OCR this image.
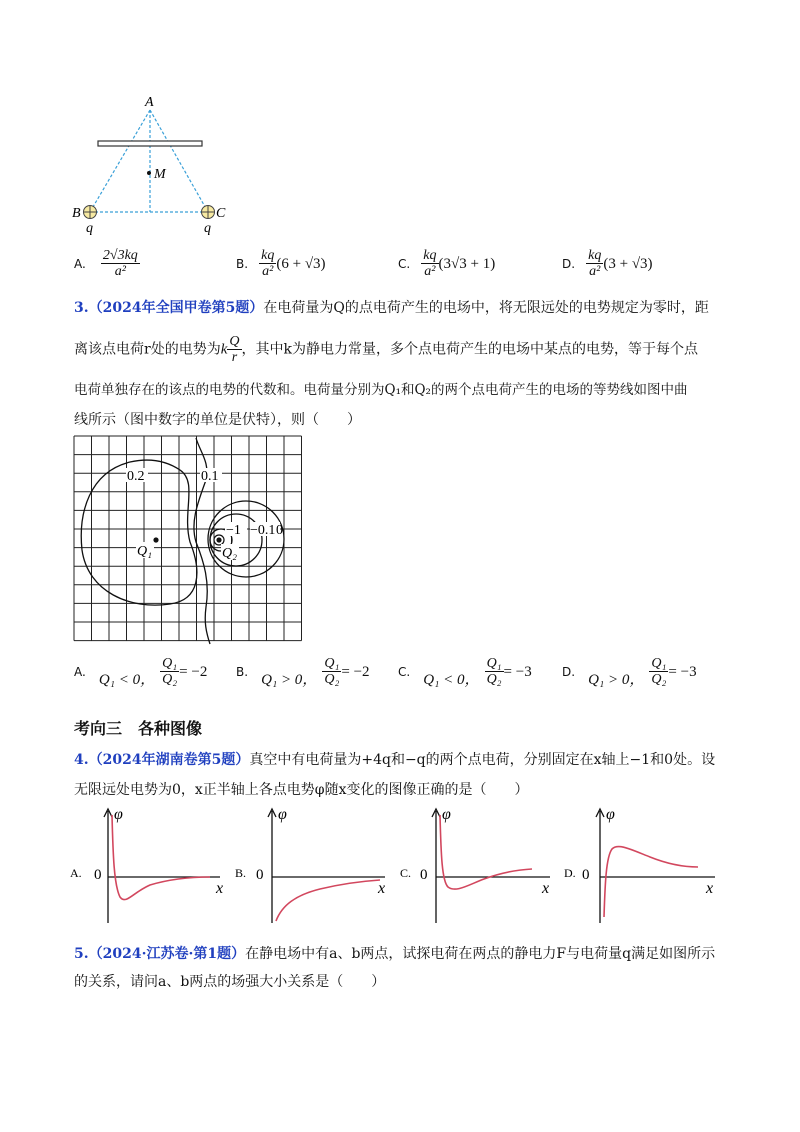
A
M
B	C
q	q
A. $\frac{2√3kq}{\text{a²}}$	B. $\frac{kq}{\text{a²}} (6 + √3)$	C. $\frac{kq}{\text{a²}} (3√3 + 1)$	D. $\frac{kq}{\text{a²}} (3 + √3)$
3.（2024年全国甲卷第5题）在电荷量为Q的点电荷产生的电场中，将无限远处的电势规定为零时，距
离该点电荷r处的电势为k $\frac{Q}{r}$ ，其中k为静电力常量，多个点电荷产生的电场中某点的电势，等于每个点
电荷单独存在的该点的电势的代数和。电荷量分别为Q₁和Q₂的两个点电荷产生的电场的等势线如图中曲
线所示（图中数字的单位是伏特），则（　　）
0.2	0.1
−1 −0.1 0
Q₁	Q₂
A. Q₁ < 0， $\frac{\text{Q₁}}{\text{Q₂}} = -2$ B. Q₁ > 0， $\frac{\text{Q₁}}{\text{Q₂}} = -2$ C. Q₁ < 0， $\frac{\text{Q₁}}{\text{Q₂}} = -3$	D. Q₁ > 0， $\frac{\text{Q₁}}{\text{Q₂}} = -3$
考向三　各种图像
4.（2024年湖南卷第5题）真空中有电荷量为+4q和−q的两个点电荷，分别固定在x轴上−1和0处。设
无限远处电势为0，x正半轴上各点电势φ随x变化的图像正确的是（　　）
A. 0
φ
x
B. 0
φ
x
C. 0
φ
x
D. 0
φ
x
5.（2024·江苏卷·第1题）在静电场中有a、b两点，试探电荷在两点的静电力F与电荷量q满足如图所示
的关系，请问a、b两点的场强大小关系是（　　）
